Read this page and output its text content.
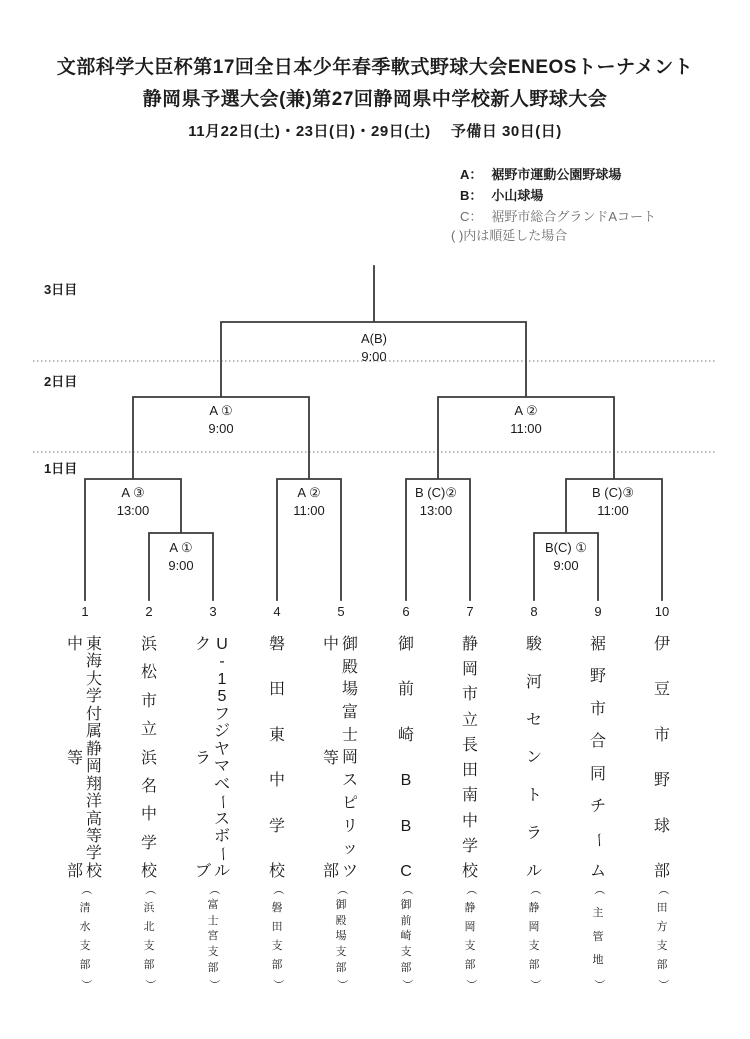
文部科学大臣杯第17回全日本少年春季軟式野球大会ENEOSトーナメント
静岡県予選大会(兼)第27回静岡県中学校新人野球大会
11月22日(土)・23日(日)・29日(土)　 予備日 30日(日)
A： 裾野市運動公園野球場
B： 小山球場
C： 裾野市総合グランドAコート
( )内は順延した場合
3日目
2日目
1日目
A(B)
9:00
A ①
9:00
A ②
11:00
A ③
13:00
A ②
11:00
B (C)②
13:00
B (C)③
11:00
A ①
9:00
B(C) ①
9:00
1
東
海
大
学
付
属
静
岡
翔
洋
高
等
学
校
中
等
部
（
清
水
支
部
）
2
浜
松
市
立
浜
名
中
学
校
（
浜
北
支
部
）
3
U
-
1
5
フ
ジ
ヤ
マ
ベ
ー
ス
ボ
ー
ル
ク
ラ
ブ
（
富
士
宮
支
部
）
4
磐
田
東
中
学
校
（
磐
田
支
部
）
5
御
殿
場
富
士
岡
ス
ピ
リ
ッ
ツ
中
等
部
（
御
殿
場
支
部
）
6
御
前
崎
B
B
C
（
御
前
崎
支
部
）
7
静
岡
市
立
長
田
南
中
学
校
（
静
岡
支
部
）
8
駿
河
セ
ン
ト
ラ
ル
（
静
岡
支
部
）
9
裾
野
市
合
同
チ
ー
ム
（
主
管
地
）
10
伊
豆
市
野
球
部
（
田
方
支
部
）
